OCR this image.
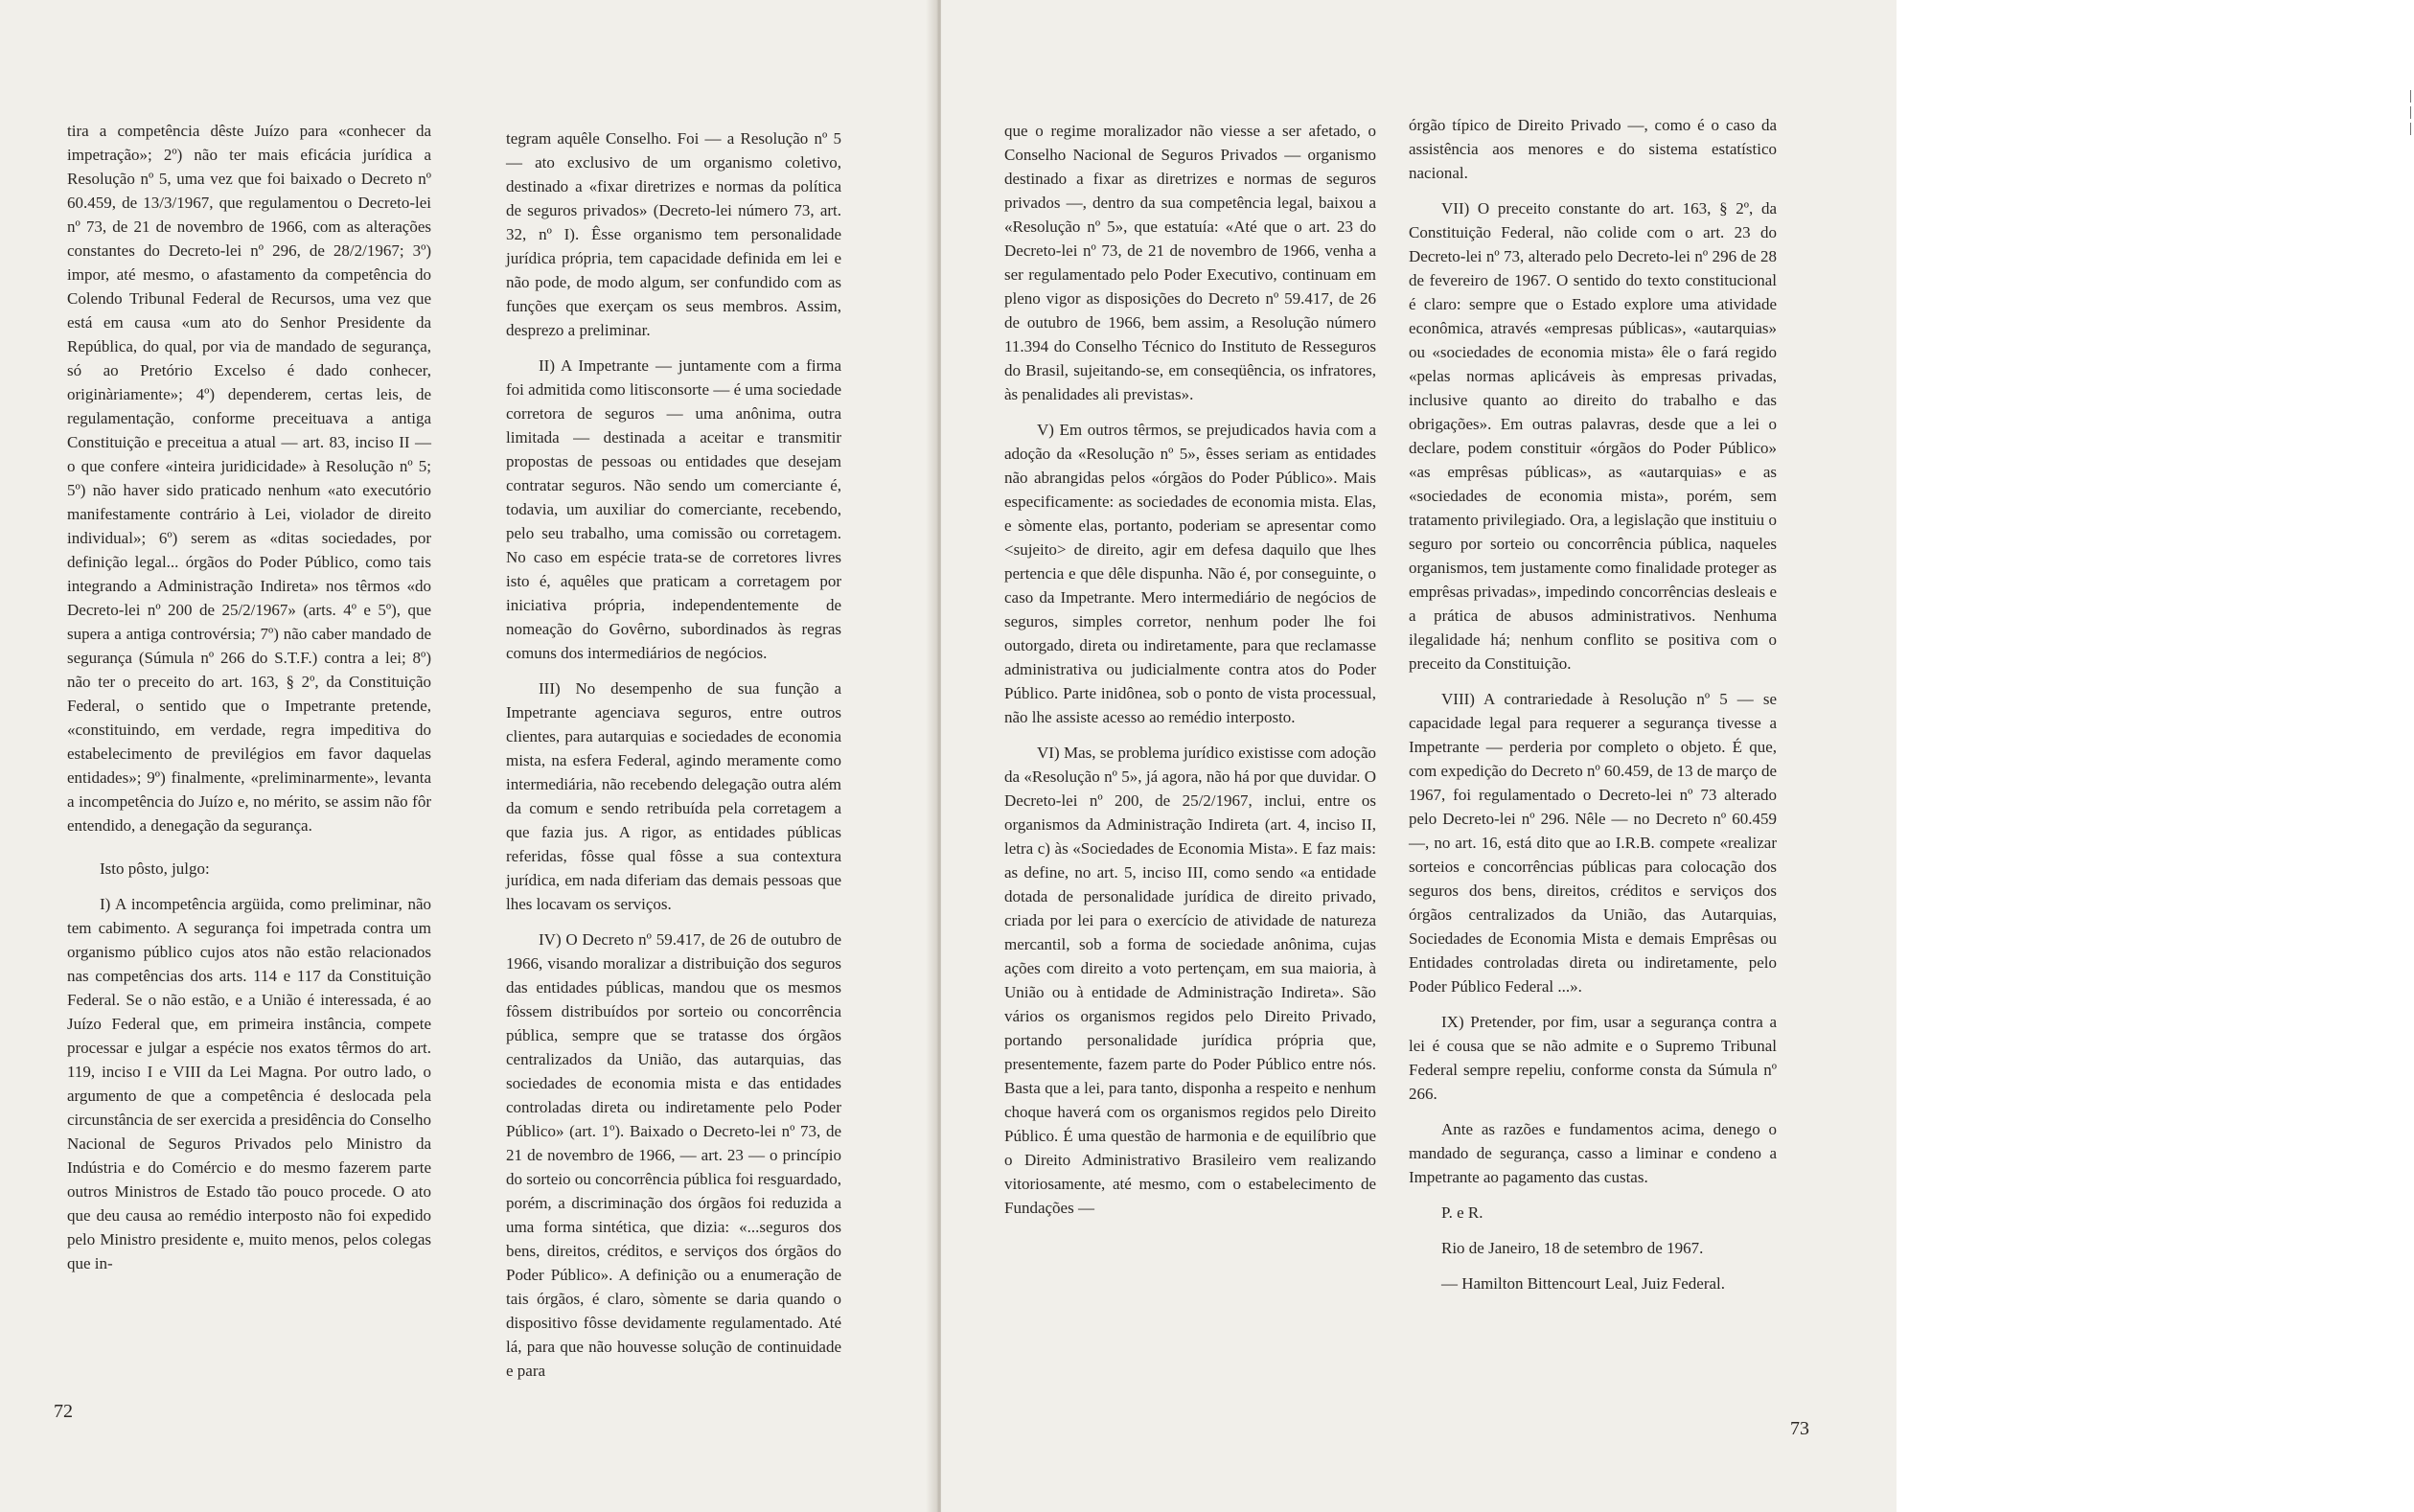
tira a competência dêste Juízo para «conhecer da impetração»; 2º) não ter mais eficácia jurídica a Resolução nº 5, uma vez que foi baixado o Decreto nº 60.459, de 13/3/1967, que regulamentou o Decreto-lei nº 73, de 21 de novembro de 1966, com as alterações constantes do Decreto-lei nº 296, de 28/2/1967; 3º) impor, até mesmo, o afastamento da competência do Colendo Tribunal Federal de Recursos, uma vez que está em causa «um ato do Senhor Presidente da República, do qual, por via de mandado de segurança, só ao Pretório Excelso é dado conhecer, originàriamente»; 4º) dependerem, certas leis, de regulamentação, conforme preceituava a antiga Constituição e preceitua a atual — art. 83, inciso II — o que confere «inteira juridicidade» à Resolução nº 5; 5º) não haver sido praticado nenhum «ato executório manifestamente contrário à Lei, violador de direito individual»; 6º) serem as «ditas sociedades, por definição legal... órgãos do Poder Público, como tais integrando a Administração Indireta» nos têrmos «do Decreto-lei nº 200 de 25/2/1967» (arts. 4º e 5º), que supera a antiga controvérsia; 7º) não caber mandado de segurança (Súmula nº 266 do S.T.F.) contra a lei; 8º) não ter o preceito do art. 163, § 2º, da Constituição Federal, o sentido que o Impetrante pretende, «constituindo, em verdade, regra impeditiva do estabelecimento de previlégios em favor daquelas entidades»; 9º) finalmente, «preliminarmente», levanta a incompetência do Juízo e, no mérito, se assim não fôr entendido, a denegação da segurança.

Isto pôsto, julgo:

I) A incompetência argüida, como preliminar, não tem cabimento. A segurança foi impetrada contra um organismo público cujos atos não estão relacionados nas competências dos arts. 114 e 117 da Constituição Federal. Se o não estão, e a União é interessada, é ao Juízo Federal que, em primeira instância, compete processar e julgar a espécie nos exatos têrmos do art. 119, inciso I e VIII da Lei Magna. Por outro lado, o argumento de que a competência é deslocada pela circunstância de ser exercida a presidência do Conselho Nacional de Seguros Privados pelo Ministro da Indústria e do Comércio e do mesmo fazerem parte outros Ministros de Estado tão pouco procede. O ato que deu causa ao remédio interposto não foi expedido pelo Ministro presidente e, muito menos, pelos colegas que in-

tegram aquêle Conselho. Foi — a Resolução nº 5 — ato exclusivo de um organismo coletivo, destinado a «fixar diretrizes e normas da política de seguros privados» (Decreto-lei número 73, art. 32, nº I). Êsse organismo tem personalidade jurídica própria, tem capacidade definida em lei e não pode, de modo algum, ser confundido com as funções que exerçam os seus membros. Assim, desprezo a preliminar.

II) A Impetrante — juntamente com a firma foi admitida como litisconsorte — é uma sociedade corretora de seguros — uma anônima, outra limitada — destinada a aceitar e transmitir propostas de pessoas ou entidades que desejam contratar seguros. Não sendo um comerciante é, todavia, um auxiliar do comerciante, recebendo, pelo seu trabalho, uma comissão ou corretagem. No caso em espécie trata-se de corretores livres isto é, aquêles que praticam a corretagem por iniciativa própria, independentemente de nomeação do Govêrno, subordinados às regras comuns dos intermediários de negócios.

III) No desempenho de sua função a Impetrante agenciava seguros, entre outros clientes, para autarquias e sociedades de economia mista, na esfera Federal, agindo meramente como intermediária, não recebendo delegação outra além da comum e sendo retribuída pela corretagem a que fazia jus. A rigor, as entidades públicas referidas, fôsse qual fôsse a sua contextura jurídica, em nada diferiam das demais pessoas que lhes locavam os serviços.

IV) O Decreto nº 59.417, de 26 de outubro de 1966, visando moralizar a distribuição dos seguros das entidades públicas, mandou que os mesmos fôssem distribuídos por sorteio ou concorrência pública, sempre que se tratasse dos órgãos centralizados da União, das autarquias, das sociedades de economia mista e das entidades controladas direta ou indiretamente pelo Poder Público» (art. 1º). Baixado o Decreto-lei nº 73, de 21 de novembro de 1966, — art. 23 — o princípio do sorteio ou concorrência pública foi resguardado, porém, a discriminação dos órgãos foi reduzida a uma forma sintética, que dizia: «...seguros dos bens, direitos, créditos, e serviços dos órgãos do Poder Público». A definição ou a enumeração de tais órgãos, é claro, sòmente se daria quando o dispositivo fôsse devidamente regulamentado. Até lá, para que não houvesse solução de continuidade e para

72
| | |

que o regime moralizador não viesse a ser afetado, o Conselho Nacional de Seguros Privados — organismo destinado a fixar as diretrizes e normas de seguros privados —, dentro da sua competência legal, baixou a «Resolução nº 5», que estatuía: «Até que o art. 23 do Decreto-lei nº 73, de 21 de novembro de 1966, venha a ser regulamentado pelo Poder Executivo, continuam em pleno vigor as disposições do Decreto nº 59.417, de 26 de outubro de 1966, bem assim, a Resolução número 11.394 do Conselho Técnico do Instituto de Resseguros do Brasil, sujeitando-se, em conseqüência, os infratores, às penalidades ali previstas».

V) Em outros têrmos, se prejudicados havia com a adoção da «Resolução nº 5», êsses seriam as entidades não abrangidas pelos «órgãos do Poder Público». Mais especificamente: as sociedades de economia mista. Elas, e sòmente elas, portanto, poderiam se apresentar como <sujeito> de direito, agir em defesa daquilo que lhes pertencia e que dêle dispunha. Não é, por conseguinte, o caso da Impetrante. Mero intermediário de negócios de seguros, simples corretor, nenhum poder lhe foi outorgado, direta ou indiretamente, para que reclamasse administrativa ou judicialmente contra atos do Poder Público. Parte inidônea, sob o ponto de vista processual, não lhe assiste acesso ao remédio interposto.

VI) Mas, se problema jurídico existisse com adoção da «Resolução nº 5», já agora, não há por que duvidar. O Decreto-lei nº 200, de 25/2/1967, inclui, entre os organismos da Administração Indireta (art. 4, inciso II, letra c) às «Sociedades de Economia Mista». E faz mais: as define, no art. 5, inciso III, como sendo «a entidade dotada de personalidade jurídica de direito privado, criada por lei para o exercício de atividade de natureza mercantil, sob a forma de sociedade anônima, cujas ações com direito a voto pertençam, em sua maioria, à União ou à entidade de Administração Indireta». São vários os organismos regidos pelo Direito Privado, portando personalidade jurídica própria que, presentemente, fazem parte do Poder Público entre nós. Basta que a lei, para tanto, disponha a respeito e nenhum choque haverá com os organismos regidos pelo Direito Público. É uma questão de harmonia e de equilíbrio que o Direito Administrativo Brasileiro vem realizando vitoriosamente, até mesmo, com o estabelecimento de Fundações —

órgão típico de Direito Privado —, como é o caso da assistência aos menores e do sistema estatístico nacional.

VII) O preceito constante do art. 163, § 2º, da Constituição Federal, não colide com o art. 23 do Decreto-lei nº 73, alterado pelo Decreto-lei nº 296 de 28 de fevereiro de 1967. O sentido do texto constitucional é claro: sempre que o Estado explore uma atividade econômica, através «empresas públicas», «autarquias» ou «sociedades de economia mista» êle o fará regido «pelas normas aplicáveis às empresas privadas, inclusive quanto ao direito do trabalho e das obrigações». Em outras palavras, desde que a lei o declare, podem constituir «órgãos do Poder Público» «as emprêsas públicas», as «autarquias» e as «sociedades de economia mista», porém, sem tratamento privilegiado. Ora, a legislação que instituiu o seguro por sorteio ou concorrência pública, naqueles organismos, tem justamente como finalidade proteger as emprêsas privadas», impedindo concorrências desleais e a prática de abusos administrativos. Nenhuma ilegalidade há; nenhum conflito se positiva com o preceito da Constituição.

VIII) A contrariedade à Resolução nº 5 — se capacidade legal para requerer a segurança tivesse a Impetrante — perderia por completo o objeto. É que, com expedição do Decreto nº 60.459, de 13 de março de 1967, foi regulamentado o Decreto-lei nº 73 alterado pelo Decreto-lei nº 296. Nêle — no Decreto nº 60.459 —, no art. 16, está dito que ao I.R.B. compete «realizar sorteios e concorrências públicas para colocação dos seguros dos bens, direitos, créditos e serviços dos órgãos centralizados da União, das Autarquias, Sociedades de Economia Mista e demais Emprêsas ou Entidades controladas direta ou indiretamente, pelo Poder Público Federal ...».

IX) Pretender, por fim, usar a segurança contra a lei é cousa que se não admite e o Supremo Tribunal Federal sempre repeliu, conforme consta da Súmula nº 266.

Ante as razões e fundamentos acima, denego o mandado de segurança, casso a liminar e condeno a Impetrante ao pagamento das custas.

P. e R.

Rio de Janeiro, 18 de setembro de 1967.

— Hamilton Bittencourt Leal, Juiz Federal.

73
